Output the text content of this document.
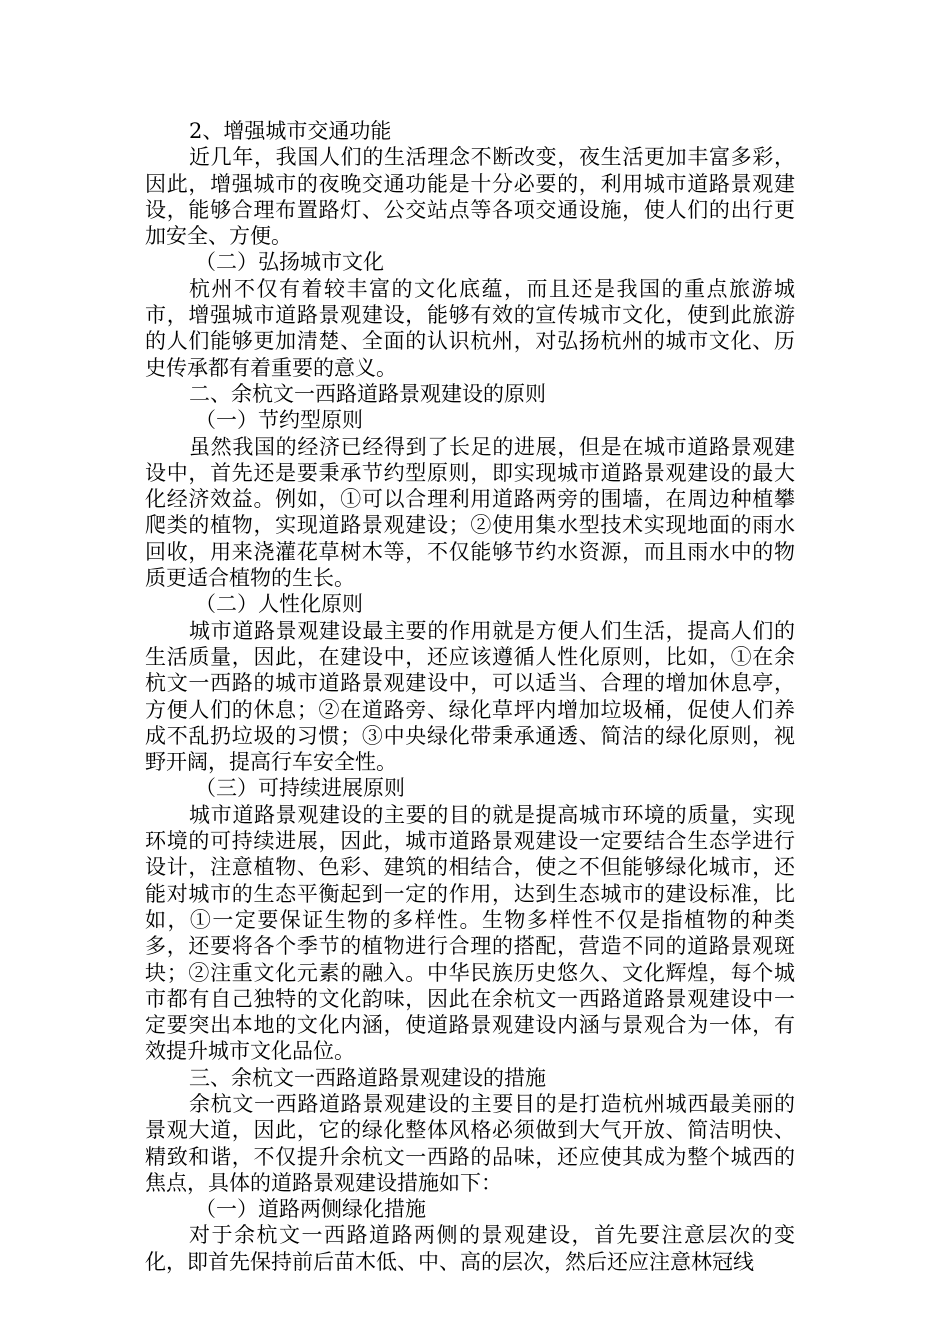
2、增强城市交通功能

近几年，我国人们的生活理念不断改变，夜生活更加丰富多彩，因此，增强城市的夜晚交通功能是十分必要的，利用城市道路景观建设，能够合理布置路灯、公交站点等各项交通设施，使人们的出行更加安全、方便。

（二）弘扬城市文化

杭州不仅有着较丰富的文化底蕴，而且还是我国的重点旅游城市，增强城市道路景观建设，能够有效的宣传城市文化，使到此旅游的人们能够更加清楚、全面的认识杭州，对弘扬杭州的城市文化、历史传承都有着重要的意义。

二、余杭文一西路道路景观建设的原则

（一）节约型原则

虽然我国的经济已经得到了长足的进展，但是在城市道路景观建设中，首先还是要秉承节约型原则，即实现城市道路景观建设的最大化经济效益。例如，①可以合理利用道路两旁的围墙，在周边种植攀爬类的植物，实现道路景观建设；②使用集水型技术实现地面的雨水回收，用来浇灌花草树木等，不仅能够节约水资源，而且雨水中的物质更适合植物的生长。

（二）人性化原则

城市道路景观建设最主要的作用就是方便人们生活，提高人们的生活质量，因此，在建设中，还应该遵循人性化原则，比如，①在余杭文一西路的城市道路景观建设中，可以适当、合理的增加休息亭，方便人们的休息；②在道路旁、绿化草坪内增加垃圾桶，促使人们养成不乱扔垃圾的习惯；③中央绿化带秉承通透、简洁的绿化原则，视野开阔，提高行车安全性。

（三）可持续进展原则

城市道路景观建设的主要的目的就是提高城市环境的质量，实现环境的可持续进展，因此，城市道路景观建设一定要结合生态学进行设计，注意植物、色彩、建筑的相结合，使之不但能够绿化城市，还能对城市的生态平衡起到一定的作用，达到生态城市的建设标准，比如，①一定要保证生物的多样性。生物多样性不仅是指植物的种类多，还要将各个季节的植物进行合理的搭配，营造不同的道路景观斑块；②注重文化元素的融入。中华民族历史悠久、文化辉煌，每个城市都有自己独特的文化韵味，因此在余杭文一西路道路景观建设中一定要突出本地的文化内涵，使道路景观建设内涵与景观合为一体，有效提升城市文化品位。

三、余杭文一西路道路景观建设的措施

余杭文一西路道路景观建设的主要目的是打造杭州城西最美丽的景观大道，因此，它的绿化整体风格必须做到大气开放、简洁明快、精致和谐，不仅提升余杭文一西路的品味，还应使其成为整个城西的焦点，具体的道路景观建设措施如下：

（一）道路两侧绿化措施

对于余杭文一西路道路两侧的景观建设，首先要注意层次的变化，即首先保持前后苗木低、中、高的层次，然后还应注意林冠线
